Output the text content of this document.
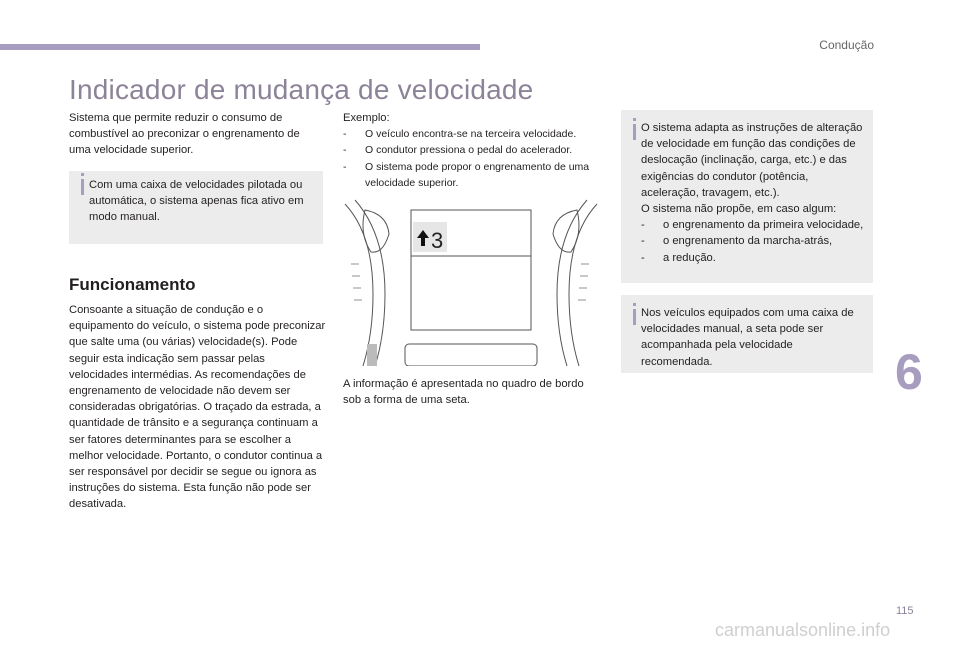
Condução
Indicador de mudança de velocidade

Sistema que permite reduzir o consumo de combustível ao preconizar o engrenamento de uma velocidade superior.

Com uma caixa de velocidades pilotada ou automática, o sistema apenas fica ativo em modo manual.
Funcionamento

Consoante a situação de condução e o equipamento do veículo, o sistema pode preconizar que salte uma (ou várias) velocidade(s). Pode seguir esta indicação sem passar pelas velocidades intermédias. As recomendações de engrenamento de velocidade não devem ser consideradas obrigatórias. O traçado da estrada, a quantidade de trânsito e a segurança continuam a ser fatores determinantes para se escolher a melhor velocidade. Portanto, o condutor continua a ser responsável por decidir se segue ou ignora as instruções do sistema. Esta função não pode ser desativada.

Exemplo:
- O veículo encontra-se na terceira velocidade.
- O condutor pressiona o pedal do acelerador.
- O sistema pode propor o engrenamento de uma velocidade superior.
3

A informação é apresentada no quadro de bordo sob a forma de uma seta.

O sistema adapta as instruções de alteração de velocidade em função das condições de deslocação (inclinação, carga, etc.) e das exigências do condutor (potência, aceleração, travagem, etc.).
O sistema não propõe, em caso algum:
- o engrenamento da primeira velocidade,
- o engrenamento da marcha-atrás,
- a redução.
Nos veículos equipados com uma caixa de velocidades manual, a seta pode ser acompanhada pela velocidade recomendada.	6
115
carmanualsonline.info
